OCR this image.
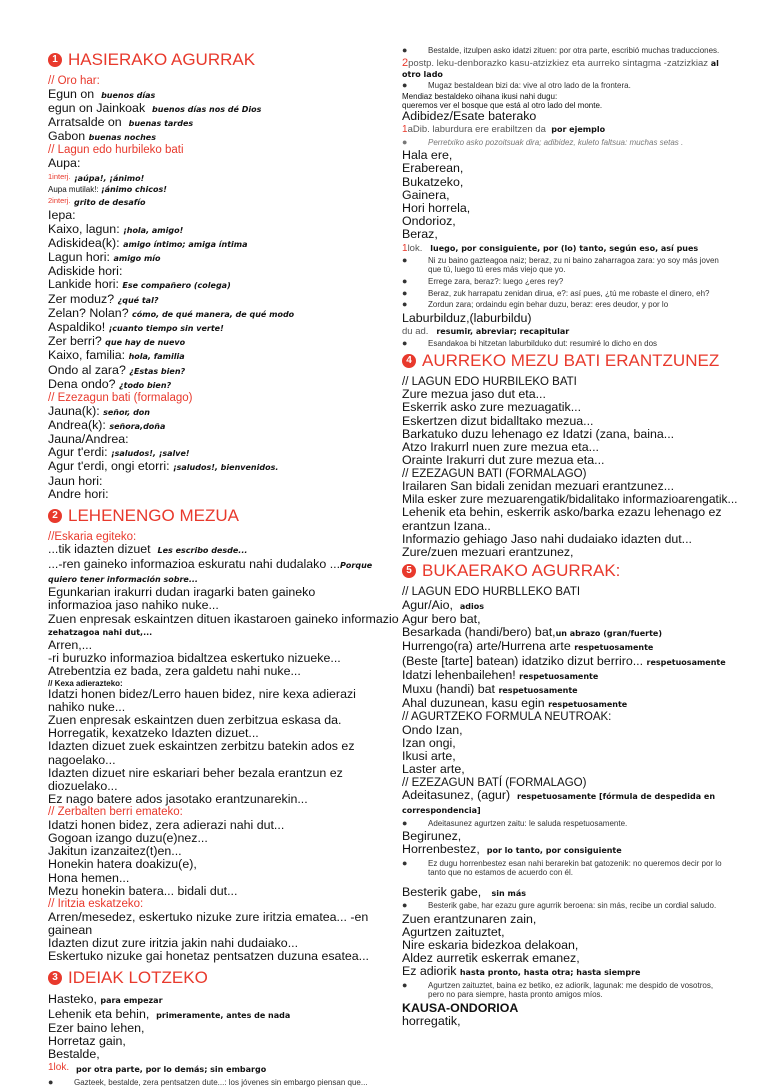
1 HASIERAKO AGURRAK
// Oro har:
Egun on buenos días
egun on Jainkoak buenos días nos dé Dios
Arratsalde on buenas tardes
Gabon buenas noches
// Lagun edo hurbileko bati
Aupa:
$^{1interj.}$ ¡aúpa!, ¡ánimo!
Aupa mutilak!: ¡ánimo chicos!
$^{2interj.}$ grito de desafío
Iepa:
Kaixo, lagun: ¡hola, amigo!
Adiskidea(k): amigo íntimo; amiga íntima
Lagun hori: amigo mío
Adiskide hori:
Lankide hori: Ese compañero (colega)
Zer moduz? ¿qué tal?
Zelan? Nolan? cómo, de qué manera, de qué modo
Aspaldiko! ¡cuanto tiempo sin verte!
Zer berri? que hay de nuevo
Kaixo, familia: hola, familia
Ondo al zara? ¿Estas bien?
Dena ondo? ¿todo bien?
// Ezezagun bati (formalago)
Jauna(k): señor, don
Andrea(k): señora,doña
Jauna/Andrea:
Agur t'erdi: ¡saludos!, ¡salve!
Agur t'erdi, ongi etorri: ¡saludos!, bienvenidos.
Jaun hori:
Andre hori:
2 LEHENENGO MEZUA
//Eskaria egiteko:
...tik idazten dizuet Les escribo desde...
...-ren gaineko informazioa eskuratu nahi dudalako ...Porque quiero tener información sobre...
Egunkarian irakurri dudan iragarki baten gaineko informazioa jaso nahiko nuke...
Zuen enpresak eskaintzen dituen ikastaroen gaineko informazio
zehatzagoa nahi dut,...
Arren,...
-ri buruzko informazioa bidaltzea eskertuko nizueke...
Atrebentzia ez bada, zera galdetu nahi nuke...
// Kexa adierazteko:
Idatzi honen bidez/Lerro hauen bidez, nire kexa adierazi nahiko nuke...
Zuen enpresak eskaintzen duen zerbitzua eskasa da.
Horregatik, kexatzeko Idazten dizuet...
Idazten dizuet zuek eskaintzen zerbitzu batekin ados ez nagoelako...
Idazten dizuet nire eskariari beher bezala erantzun ez diozuelako...
Ez nago batere ados jasotako erantzunarekin...
// Zerbalten berri emateko:
Idatzi honen bidez, zera adierazi nahi dut...
Gogoan izango duzu(e)nez...
Jakitun izanzaitez(t)en...
Honekin hatera doakizu(e),
Hona hemen...
Mezu honekin batera... bidali dut...
// Iritzia eskatzeko:
Arren/mesedez, eskertuko nizuke zure iritzia ematea... -en gainean
Idazten dizut zure iritzia jakin nahi dudaiako...
Eskertuko nizuke gai honetaz pentsatzen duzuna esatea...
3 IDEIAK LOTZEKO
Hasteko, para empezar
Lehenik eta behin, primeramente, antes de nada
Ezer baino lehen,
Horretaz gain,
Bestalde,
$^{1lok.}$ por otra parte, por lo demás; sin embargo
●	Gazteek, bestalde, zera pentsatzen dute...: los jóvenes sin embargo piensan que...
●	Bestalde, itzulpen asko idatzi zituen: por otra parte, escribió muchas traducciones.
2postp. leku-denborazko kasu-atzizkiez eta aurreko sintagma -zatzizkiaz al otro lado
●	Mugaz bestaldean bizi da: vive al otro lado de la frontera.
Mendiaz bestaldeko oihana ikusi nahi dugu:
queremos ver el bosque que está al otro lado del monte.
Adibidez/Esate baterako
1aDib. laburdura ere erabiltzen da por ejemplo
●	Perretxiko asko pozoitsuak dira; adibidez, kuleto faltsua: muchas setas .
Hala ere,
Eraberean,
Bukatzeko,
Gainera,
Hori horrela,
Ondorioz,
Beraz,
1lok. luego, por consiguiente, por (lo) tanto, según eso, así pues
●	Ni zu baino gazteagoa naiz; beraz, zu ni baino zaharragoa zara: yo soy más joven que tú, luego tú eres más viejo que yo.
●	Errege zara, beraz?: luego ¿eres rey?
●	Beraz, zuk harrapatu zenidan dirua, e?: así pues, ¿tú me robaste el dinero, eh?
●	Zordun zara; ordaindu egin behar duzu, beraz: eres deudor, y por lo
Laburbilduz,(laburbildu)
du ad. resumir, abreviar; recapitular
●	Esandakoa bi hitzetan laburbilduko dut: resumiré lo dicho en dos
4 AURREKO MEZU BATI ERANTZUNEZ
// LAGUN EDO HURBILEKO BATI
Zure mezua jaso dut eta...
Eskerrik asko zure mezuagatik...
Eskertzen dizut bidalltako mezua...
Barkatuko duzu lehenago ez Idatzi (zana, baina...
Atzo Irakurrl nuen zure mezua eta...
Orainte Irakurri dut zure mezua eta...
// EZEZAGUN BATI (FORMALAGO)
Irailaren San bidali zenidan mezuari erantzunez...
Mila esker zure mezuarengatik/bidalitako informazioarengatik...
Lehenik eta behin, eskerrik asko/barka ezazu lehenago ez erantzun Izana..
Informazio gehiago Jaso nahi dudaiako idazten dut...
Zure/zuen mezuari erantzunez,
5 BUKAERAKO AGURRAK:
// LAGUN EDO HURBLLEKO BATI
Agur/Aio, adios
Agur bero bat,
Besarkada (handi/bero) bat,un abrazo (gran/fuerte)
Hurrengo(ra) arte/Hurrena arte respetuosamente
(Beste [tarte] batean) idatziko dizut berriro... respetuosamente
Idatzi lehenbailehen! respetuosamente
Muxu (handi) bat respetuosamente
Ahal duzunean, kasu egin respetuosamente
// AGURTZEKO FORMULA NEUTROAK:
Ondo Izan,
Izan ongi,
Ikusi arte,
Laster arte,
// EZEZAGUN BATÍ (FORMALAGO)
Adeitasunez, (agur) respetuosamente [fórmula de despedida en correspondencia]
●	Adeitasunez agurtzen zaitu: le saluda respetuosamente.
Begirunez,
Horrenbestez, por lo tanto, por consiguiente
●	Ez dugu horrenbestez esan nahi berarekin bat gatozenik: no queremos decir por lo tanto que no estamos de acuerdo con él.
Besterik gabe, sin más
●	Besterik gabe, har ezazu gure agurrik beroena: sin más, recibe un cordial saludo.
Zuen erantzunaren zain,
Agurtzen zaituztet,
Nire eskaria bidezkoa delakoan,
Aldez aurretik eskerrak emanez,
Ez adiorik hasta pronto, hasta otra; hasta siempre
●	Agurtzen zaituztet, baina ez betiko, ez adiorik, lagunak: me despido de vosotros, pero no para siempre, hasta pronto amigos míos.
KAUSA-ONDORIOA
horregatik,
